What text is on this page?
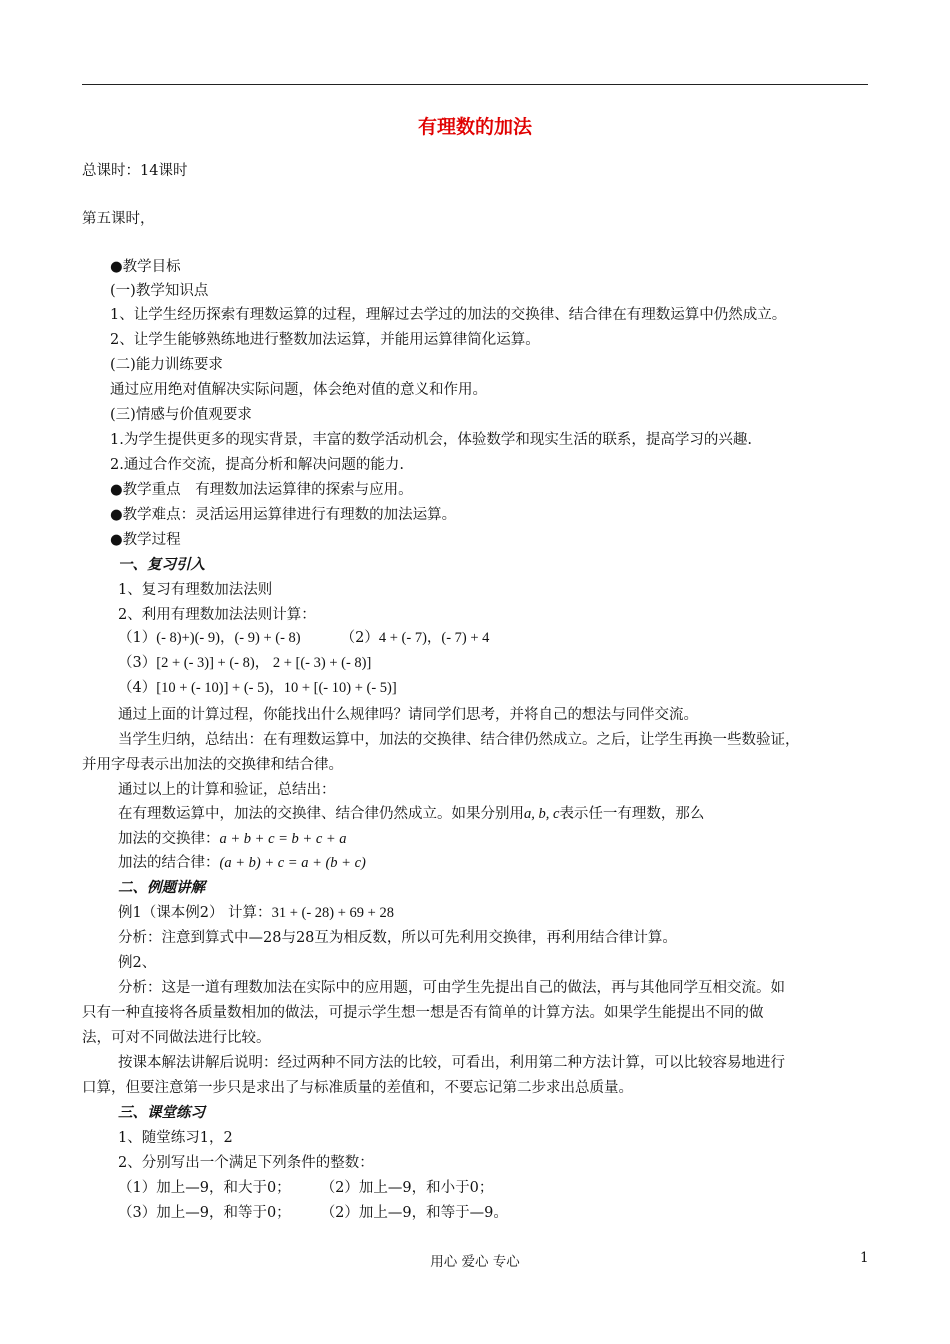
有理数的加法
总课时：14课时
第五课时，
●教学目标
(一)教学知识点
1、让学生经历探索有理数运算的过程，理解过去学过的加法的交换律、结合律在有理数运算中仍然成立。
2、让学生能够熟练地进行整数加法运算，并能用运算律简化运算。
(二)能力训练要求
通过应用绝对值解决实际问题，体会绝对值的意义和作用。
(三)情感与价值观要求
1.为学生提供更多的现实背景，丰富的数学活动机会，体验数学和现实生活的联系，提高学习的兴趣.
2.通过合作交流，提高分析和解决问题的能力.
●教学重点　有理数加法运算律的探索与应用。
●教学难点：灵活运用运算律进行有理数的加法运算。
●教学过程
一、复习引入
1、复习有理数加法法则
2、利用有理数加法法则计算：
（1）(- 8)+)(- 9)，(- 9) + (- 8)	（2）4 + (- 7)，(- 7) + 4
（3）[2 + (- 3)] + (- 8)， 2 + [(- 3) + (- 8)]
（4）[10 + (- 10)] + (- 5)，10 + [(- 10) + (- 5)]
通过上面的计算过程，你能找出什么规律吗？请同学们思考，并将自己的想法与同伴交流。
当学生归纳，总结出：在有理数运算中，加法的交换律、结合律仍然成立。之后，让学生再换一些数验证，
并用字母表示出加法的交换律和结合律。
通过以上的计算和验证，总结出：
在有理数运算中，加法的交换律、结合律仍然成立。如果分别用a, b, c表示任一有理数，那么
加法的交换律：a + b + c = b + c + a
加法的结合律：(a + b) + c = a + (b + c)
二、例题讲解
例1（课本例2） 计算：31 + (- 28) + 69 + 28
分析：注意到算式中—28与28互为相反数，所以可先利用交换律，再利用结合律计算。
例2、
分析：这是一道有理数加法在实际中的应用题，可由学生先提出自己的做法，再与其他同学互相交流。如
只有一种直接将各质量数相加的做法，可提示学生想一想是否有简单的计算方法。如果学生能提出不同的做
法，可对不同做法进行比较。
按课本解法讲解后说明：经过两种不同方法的比较，可看出，利用第二种方法计算，可以比较容易地进行
口算，但要注意第一步只是求出了与标准质量的差值和，不要忘记第二步求出总质量。
三、课堂练习
1、随堂练习1，2
2、分别写出一个满足下列条件的整数：
（1）加上—9，和大于0； （2）加上—9，和小于0；
（3）加上—9，和等于0； （2）加上—9，和等于—9。
用心 爱心 专心	1
